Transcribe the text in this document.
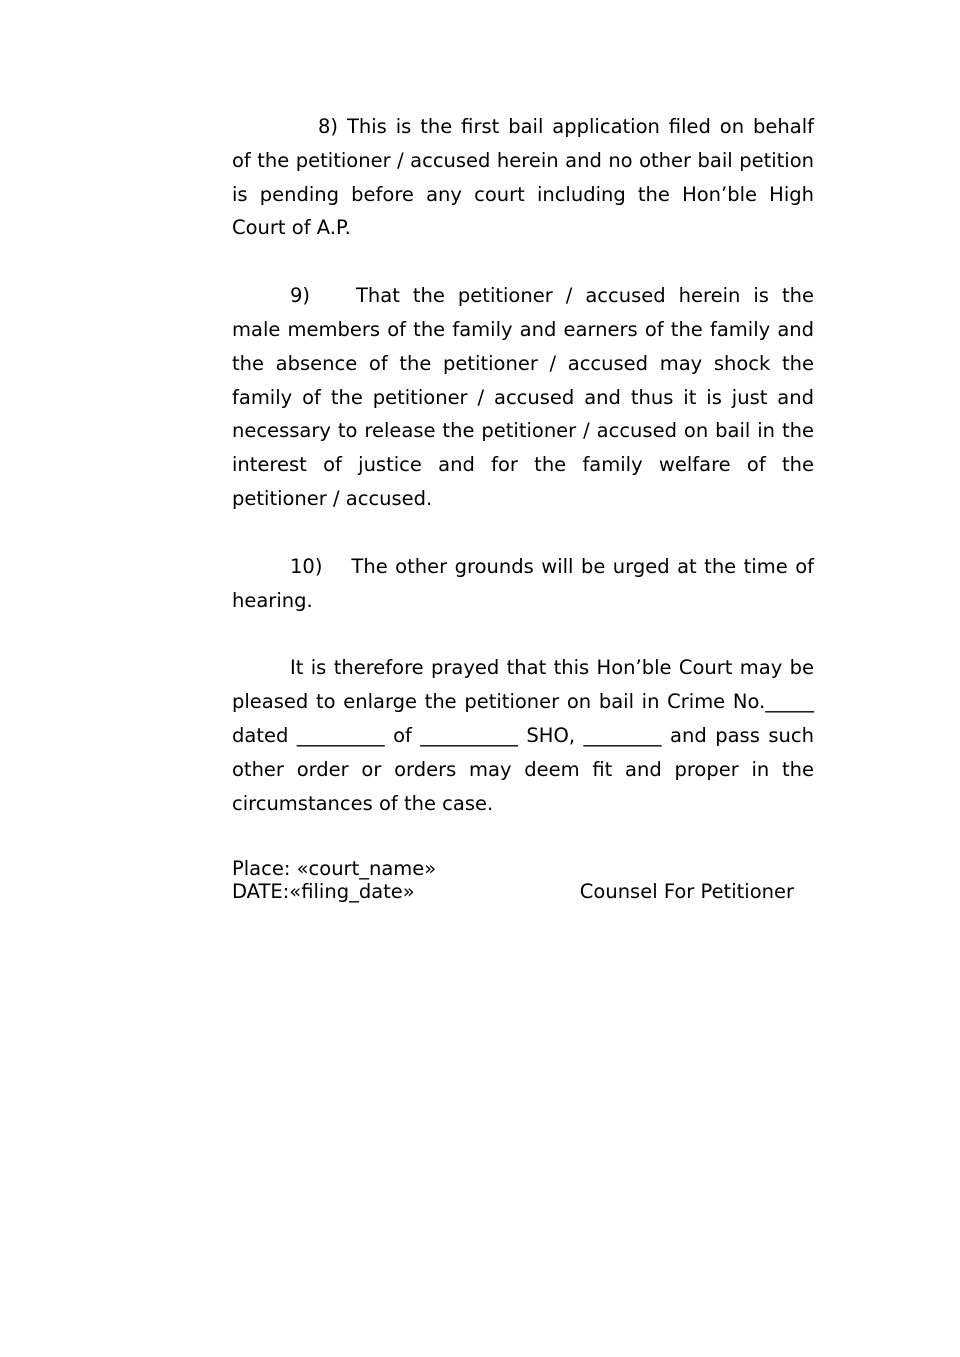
8) This is the first bail application filed on behalf of the petitioner / accused herein and no other bail petition is pending before any court including the Hon’ble High Court of A.P.

9) That the petitioner / accused herein is the male members of the family and earners of the family and the absence of the petitioner / accused may shock the family of the petitioner / accused and thus it is just and necessary to release the petitioner / accused on bail in the interest of justice and for the family welfare of the petitioner / accused.

10) The other grounds will be urged at the time of hearing.

It is therefore prayed that this Hon’ble Court may be pleased to enlarge the petitioner on bail in Crime No._____ dated _________ of __________ SHO, ________ and pass such other order or orders may deem fit and proper in the circumstances of the case.

Place: «court_name»
DATE:«filing_date»	Counsel For Petitioner
